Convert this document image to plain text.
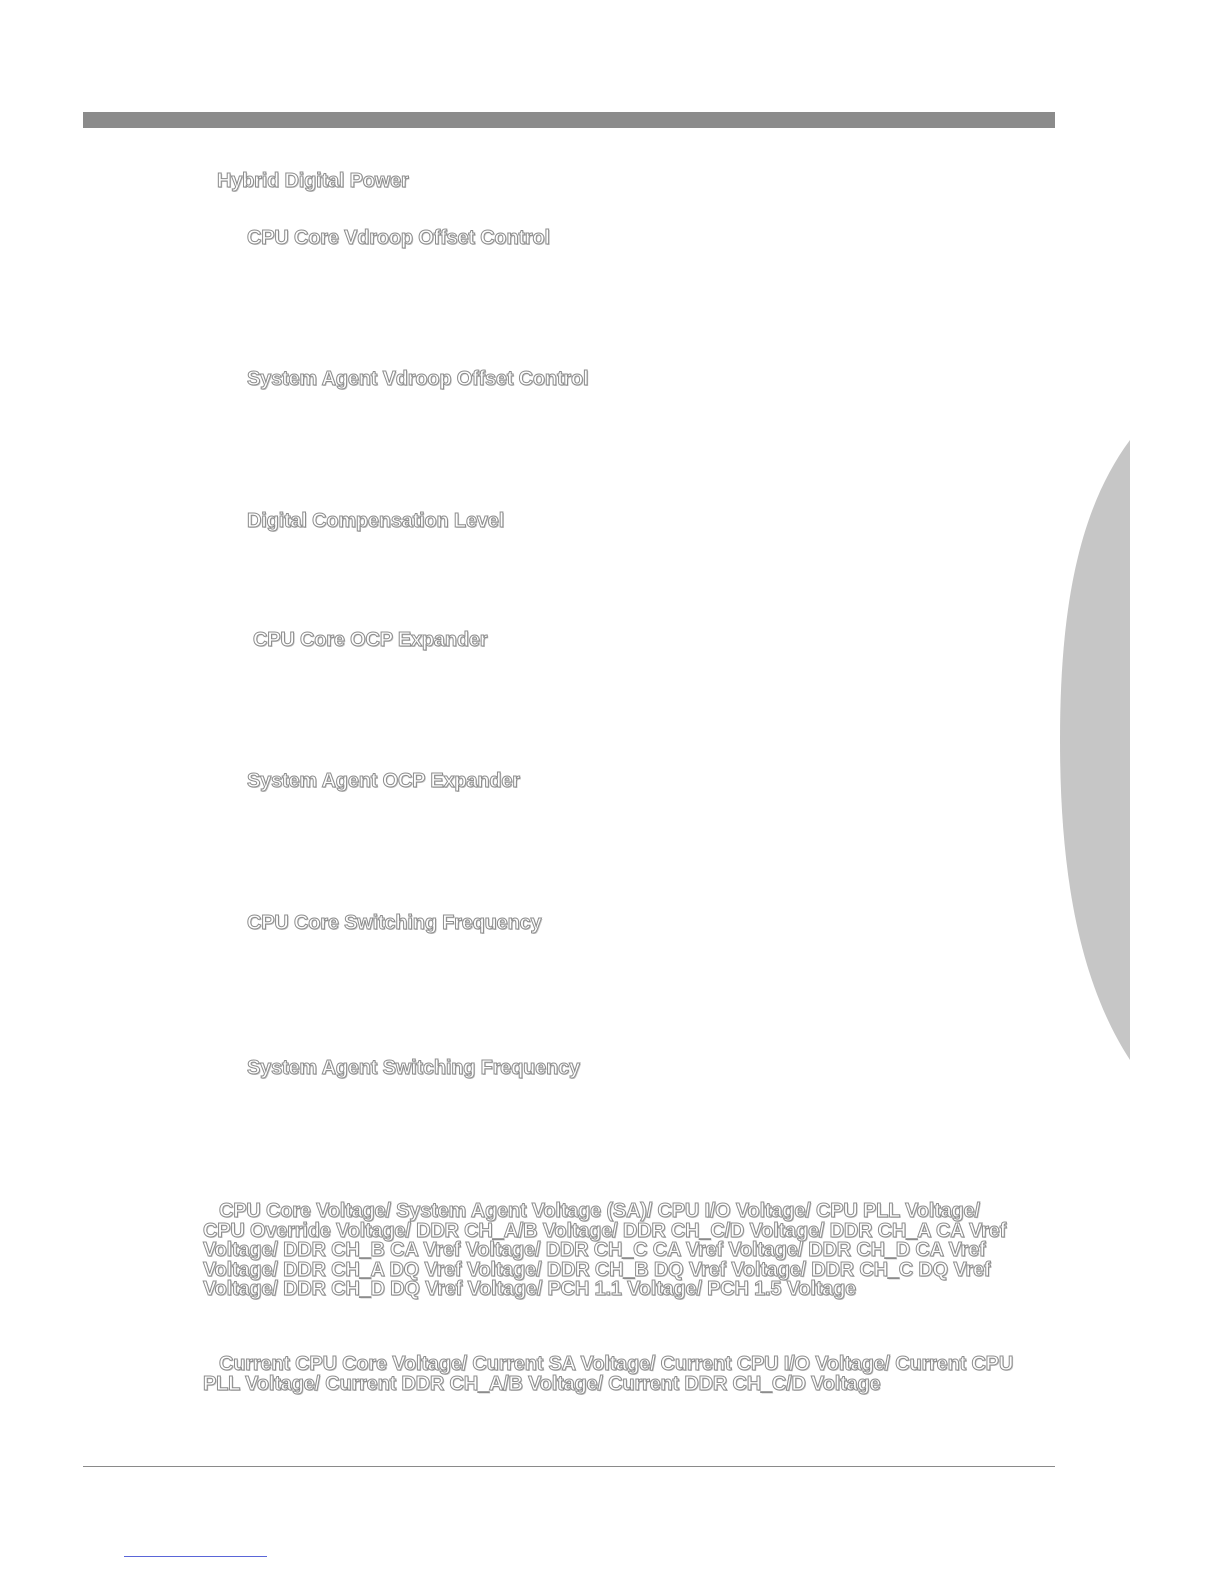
Hybrid Digital Power
CPU Core Vdroop Offset Control
System Agent Vdroop Offset Control
Digital Compensation Level
CPU Core OCP Expander
System Agent OCP Expander
CPU Core Switching Frequency
System Agent Switching Frequency
CPU Core Voltage/ System Agent Voltage (SA)/ CPU I/O Voltage/ CPU PLL Voltage/ CPU Override Voltage/ DDR CH_A/B Voltage/ DDR CH_C/D Voltage/ DDR CH_A CA Vref Voltage/ DDR CH_B CA Vref Voltage/ DDR CH_C CA Vref Voltage/ DDR CH_D CA Vref Voltage/ DDR CH_A DQ Vref Voltage/ DDR CH_B DQ Vref Voltage/ DDR CH_C DQ Vref Voltage/ DDR CH_D DQ Vref Voltage/ PCH 1.1 Voltage/ PCH 1.5 Voltage
Current CPU Core Voltage/ Current SA Voltage/ Current CPU I/O Voltage/ Current CPU PLL Voltage/ Current DDR CH_A/B Voltage/ Current DDR CH_C/D Voltage
